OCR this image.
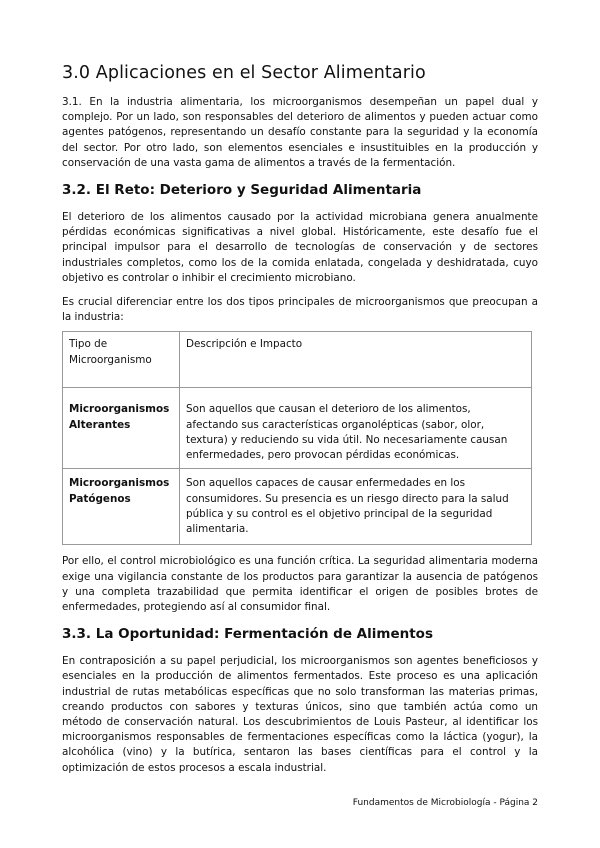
3.0 Aplicaciones en el Sector Alimentario

3.1. En la industria alimentaria, los microorganismos desempeñan un papel dual y complejo. Por un lado, son responsables del deterioro de alimentos y pueden actuar como agentes patógenos, representando un desafío constante para la seguridad y la economía del sector. Por otro lado, son elementos esenciales e insustituibles en la producción y conservación de una vasta gama de alimentos a través de la fermentación.

3.2. El Reto: Deterioro y Seguridad Alimentaria

El deterioro de los alimentos causado por la actividad microbiana genera anualmente pérdidas económicas significativas a nivel global. Históricamente, este desafío fue el principal impulsor para el desarrollo de tecnologías de conservación y de sectores industriales completos, como los de la comida enlatada, congelada y deshidratada, cuyo objetivo es controlar o inhibir el crecimiento microbiano.

Es crucial diferenciar entre los dos tipos principales de microorganismos que preocupan a la industria:

Tipo de Microorganismo	Descripción e Impacto
Microorganismos Alterantes	Son aquellos que causan el deterioro de los alimentos, afectando sus características organolépticas (sabor, olor, textura) y reduciendo su vida útil. No necesariamente causan enfermedades, pero provocan pérdidas económicas.
Microorganismos Patógenos	Son aquellos capaces de causar enfermedades en los consumidores. Su presencia es un riesgo directo para la salud pública y su control es el objetivo principal de la seguridad alimentaria.

Por ello, el control microbiológico es una función crítica. La seguridad alimentaria moderna exige una vigilancia constante de los productos para garantizar la ausencia de patógenos y una completa trazabilidad que permita identificar el origen de posibles brotes de enfermedades, protegiendo así al consumidor final.

3.3. La Oportunidad: Fermentación de Alimentos

En contraposición a su papel perjudicial, los microorganismos son agentes beneficiosos y esenciales en la producción de alimentos fermentados. Este proceso es una aplicación industrial de rutas metabólicas específicas que no solo transforman las materias primas, creando productos con sabores y texturas únicos, sino que también actúa como un método de conservación natural. Los descubrimientos de Louis Pasteur, al identificar los microorganismos responsables de fermentaciones específicas como la láctica (yogur), la alcohólica (vino) y la butírica, sentaron las bases científicas para el control y la optimización de estos procesos a escala industrial.

Fundamentos de Microbiología - Página 2
